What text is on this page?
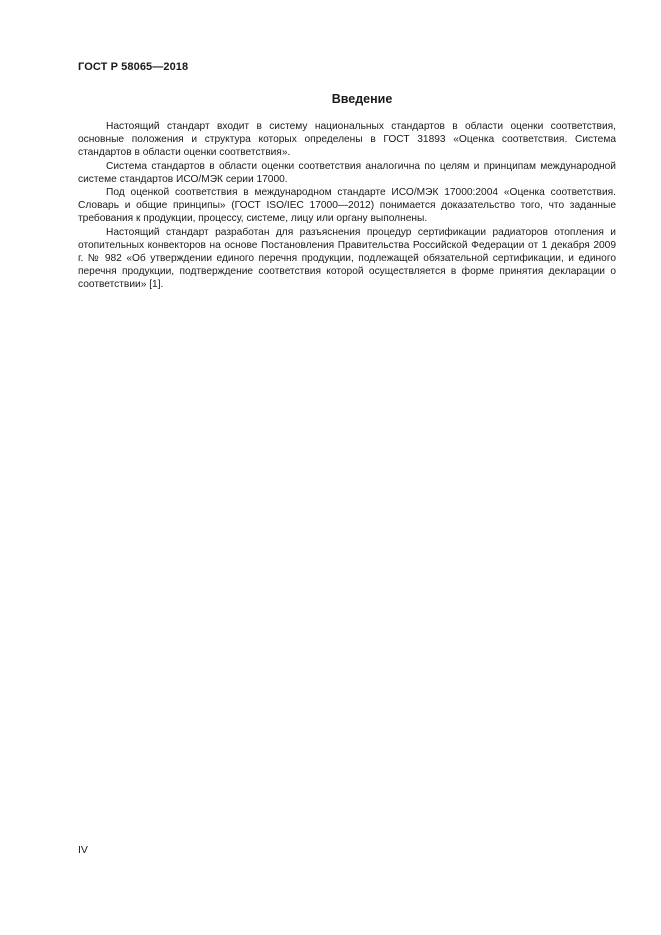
ГОСТ Р 58065—2018
Введение

Настоящий стандарт входит в систему национальных стандартов в области оценки соответствия, основные положения и структура которых определены в ГОСТ 31893 «Оценка соответствия. Система стандартов в области оценки соответствия».

Система стандартов в области оценки соответствия аналогична по целям и принципам международной системе стандартов ИСО/МЭК серии 17000.

Под оценкой соответствия в международном стандарте ИСО/МЭК 17000:2004 «Оценка соответствия. Словарь и общие принципы» (ГОСТ ISO/IEC 17000—2012) понимается доказательство того, что заданные требования к продукции, процессу, системе, лицу или органу выполнены.

Настоящий стандарт разработан для разъяснения процедур сертификации радиаторов отопления и отопительных конвекторов на основе Постановления Правительства Российской Федерации от 1 декабря 2009 г. № 982 «Об утверждении единого перечня продукции, подлежащей обязательной сертификации, и единого перечня продукции, подтверждение соответствия которой осуществляется в форме принятия декларации о соответствии» [1].

IV
